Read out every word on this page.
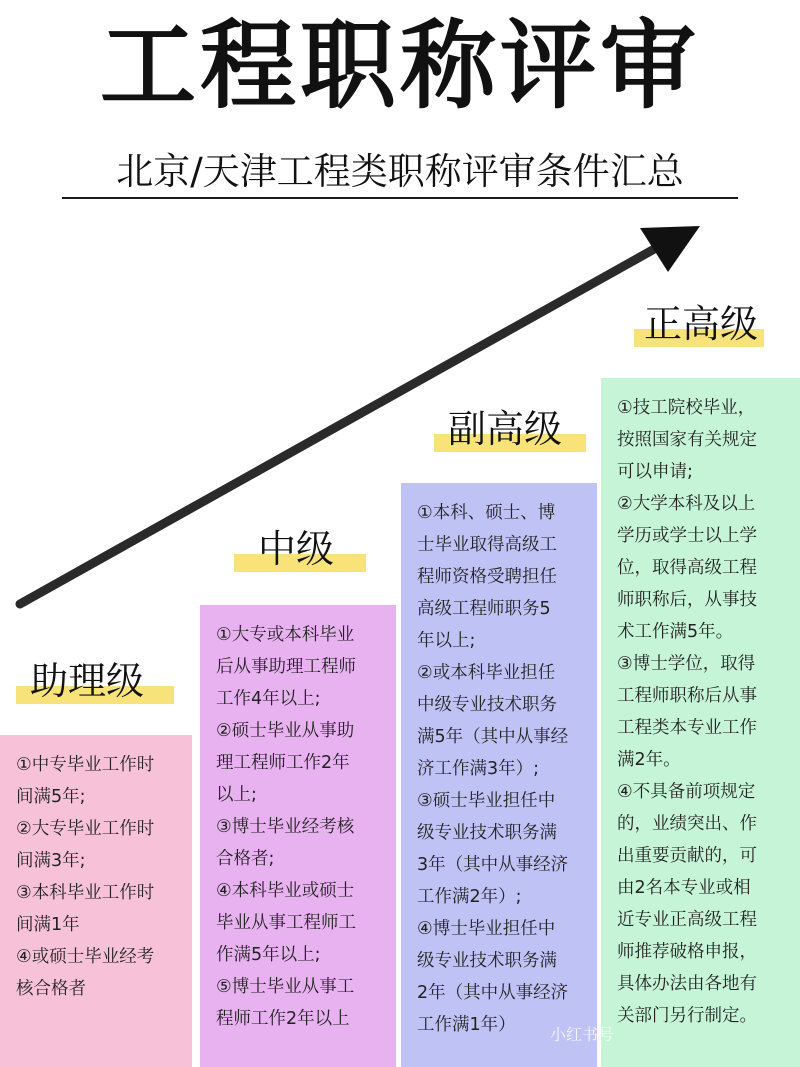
工程职称评审
北京/天津工程类职称评审条件汇总
助理级
中级
副高级
正高级
①中专毕业工作时
间满5年;
②大专毕业工作时
间满3年;
③本科毕业工作时
间满1年
④或硕士毕业经考
核合格者
①大专或本科毕业
后从事助理工程师
工作4年以上;
②硕士毕业从事助
理工程师工作2年
以上;
③博士毕业经考核
合格者;
④本科毕业或硕士
毕业从事工程师工
作满5年以上;
⑤博士毕业从事工
程师工作2年以上
①本科、硕士、博
士毕业取得高级工
程师资格受聘担任
高级工程师职务5
年以上;
②或本科毕业担任
中级专业技术职务
满5年（其中从事经
济工作满3年）;
③硕士毕业担任中
级专业技术职务满
3年（其中从事经济
工作满2年）;
④博士毕业担任中
级专业技术职务满
2年（其中从事经济
工作满1年）
①技工院校毕业，
按照国家有关规定
可以申请;
②大学本科及以上
学历或学士以上学
位，取得高级工程
师职称后，从事技
术工作满5年。
③博士学位，取得
工程师职称后从事
工程类本专业工作
满2年。
④不具备前项规定
的，业绩突出、作
出重要贡献的，可
由2名本专业或相
近专业正高级工程
师推荐破格申报，
具体办法由各地有
关部门另行制定。
小红书号
